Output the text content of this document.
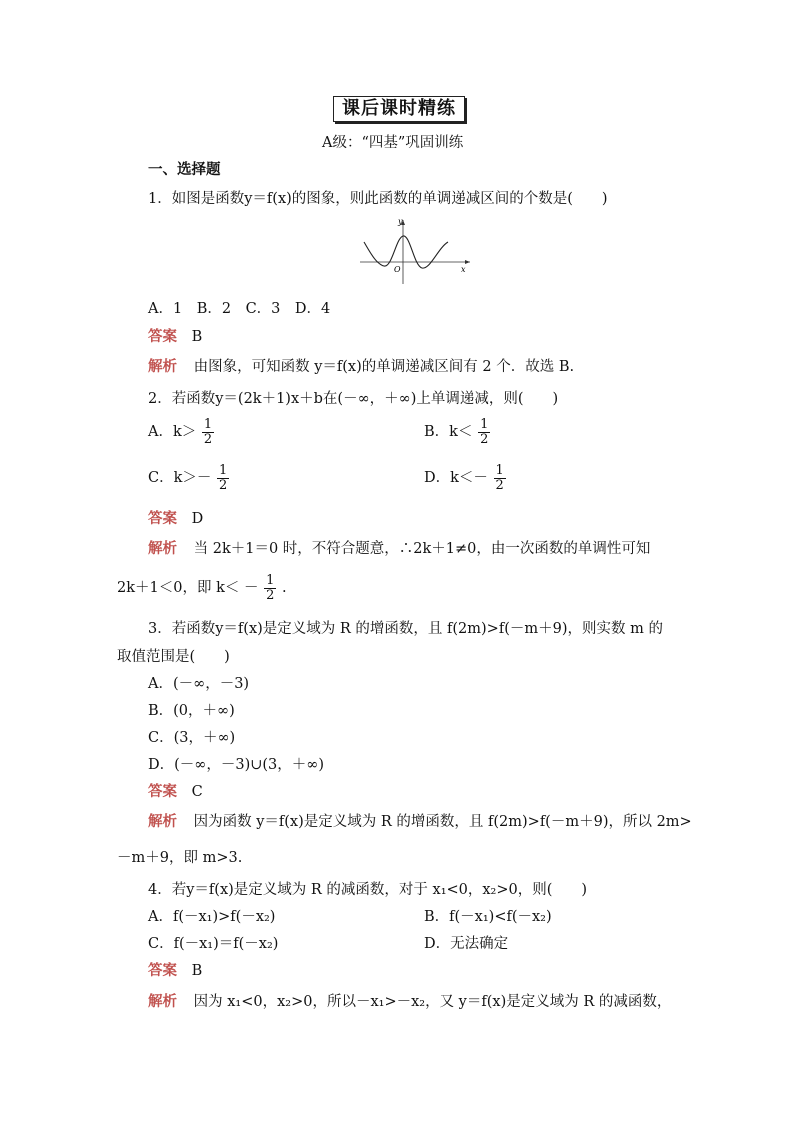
课后课时精练
A级：“四基”巩固训练
一、选择题
1．如图是函数y＝f(x)的图象，则此函数的单调递减区间的个数是(　　)
y
x
O
A．1　B．2　C．3　D．4
答案 B
解析 由图象，可知函数 y＝f(x)的单调递减区间有 2 个．故选 B.
2．若函数y＝(2k＋1)x＋b在(－∞，＋∞)上单调递减，则(　　)
A．$k> \frac{1}{2}$	B．$k< \frac{1}{2}$
C．$k>- \frac{1}{2}$	D．$k<- \frac{1}{2}$
答案 D
解析 当 2k＋1＝0 时，不符合题意，∴2k＋1≠0，由一次函数的单调性可知
2k＋1＜0，即 $k< - \frac{1}{2}$ .
3．若函数y＝f(x)是定义域为 R 的增函数，且 f(2m)>f(－m＋9)，则实数 m 的
取值范围是(　　)
A．(－∞，－3)
B．(0，＋∞)
C．(3，＋∞)
D．(－∞，－3)∪(3，＋∞)
答案 C
解析 因为函数 y＝f(x)是定义域为 R 的增函数，且 f(2m)>f(－m＋9)，所以 2m>
－m＋9，即 m>3.
4．若y＝f(x)是定义域为 R 的减函数，对于 x₁<0，x₂>0，则(　　)
A．f(－x₁)>f(－x₂)	B．f(－x₁)<f(－x₂)
C．f(－x₁)＝f(－x₂)	D．无法确定
答案 B
解析 因为 x₁<0，x₂>0，所以－x₁>－x₂，又 y＝f(x)是定义域为 R 的减函数，
